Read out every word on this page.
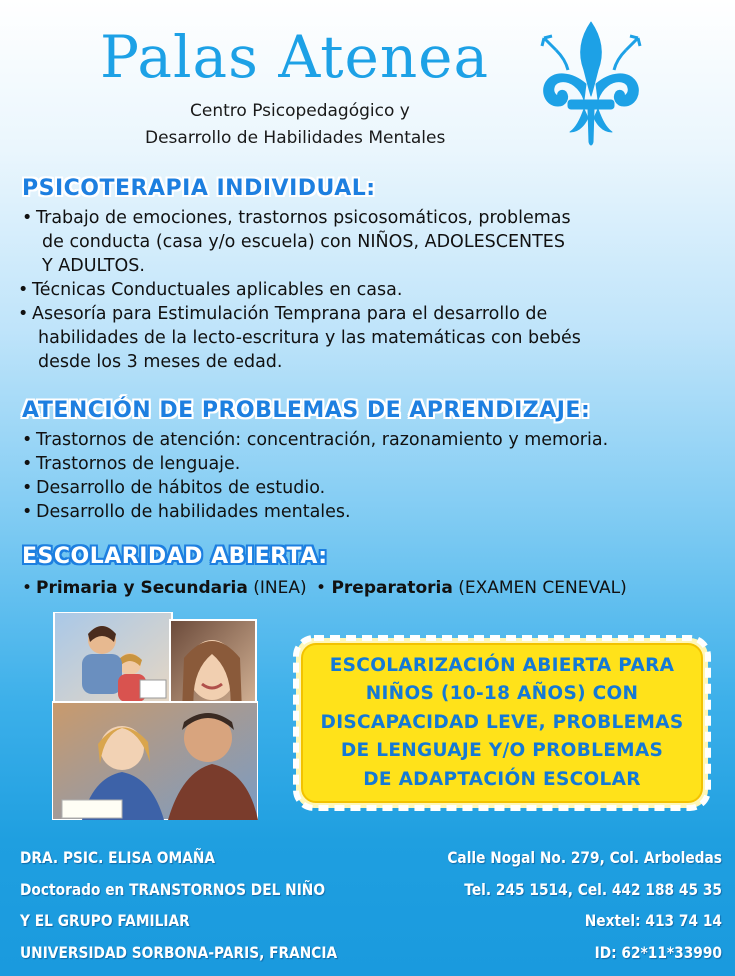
Palas Atenea
Centro Psicopedagógico y
Desarrollo de Habilidades Mentales
PSICOTERAPIA INDIVIDUAL:
• Trabajo de emociones, trastornos psicosomáticos, problemas
de conducta (casa y/o escuela) con NIÑOS, ADOLESCENTES
Y ADULTOS.
• Técnicas Conductuales aplicables en casa.
• Asesoría para Estimulación Temprana para el desarrollo de
habilidades de la lecto-escritura y las matemáticas con bebés
desde los 3 meses de edad.
ATENCIÓN DE PROBLEMAS DE APRENDIZAJE:
• Trastornos de atención: concentración, razonamiento y memoria.
• Trastornos de lenguaje.
• Desarrollo de hábitos de estudio.
• Desarrollo de habilidades mentales.
ESCOLARIDAD ABIERTA:
• Primaria y Secundaria (INEA) • Preparatoria (EXAMEN CENEVAL)
ESCOLARIZACIÓN ABIERTA PARA
NIÑOS (10-18 AÑOS) CON
DISCAPACIDAD LEVE, PROBLEMAS
DE LENGUAJE Y/O PROBLEMAS
DE ADAPTACIÓN ESCOLAR
DRA. PSIC. ELISA OMAÑA
Doctorado en TRANSTORNOS DEL NIÑO
Y EL GRUPO FAMILIAR
UNIVERSIDAD SORBONA-PARIS, FRANCIA
Calle Nogal No. 279, Col. Arboledas
Tel. 245 1514, Cel. 442 188 45 35
Nextel: 413 74 14
ID: 62*11*33990
